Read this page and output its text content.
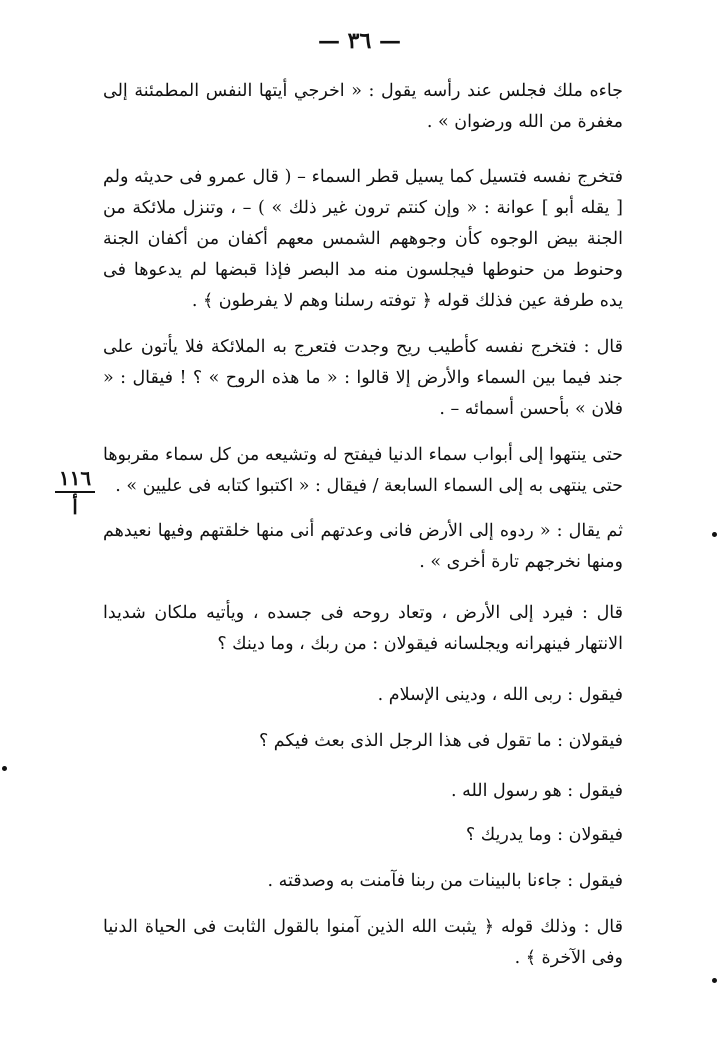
— ٣٦ —
جاءه ملك فجلس عند رأسه يقول : « اخرجي أيتها النفس المطمئنة إلى مغفرة من الله ورضوان » .
فتخرج نفسه فتسيل كما يسيل قطر السماء – ( قال عمرو فى حديثه ولم [ يقله أبو ] عوانة : « وإن كنتم ترون غير ذلك » ) – ، وتنزل ملائكة من الجنة بيض الوجوه كأن وجوههم الشمس معهم أكفان من أكفان الجنة وحنوط من حنوطها فيجلسون منه مد البصر فإذا قبضها لم يدعوها فى يده طرفة عين فذلك قوله ﴿ توفته رسلنا وهم لا يفرطون ﴾ .
قال : فتخرج نفسه كأطيب ريح وجدت فتعرج به الملائكة فلا يأتون على جند فيما بين السماء والأرض إلا قالوا : « ما هذه الروح » ؟ ! فيقال : « فلان » بأحسن أسمائه – .
حتى ينتهوا إلى أبواب سماء الدنيا فيفتح له وتشيعه من كل سماء مقربوها حتى ينتهى به إلى السماء السابعة / فيقال : « اكتبوا كتابه فى عليين » .
١١٦
أ
ثم يقال : « ردوه إلى الأرض فانى وعدتهم أنى منها خلقتهم وفيها نعيدهم ومنها نخرجهم تارة أخرى » .
قال : فيرد إلى الأرض ، وتعاد روحه فى جسده ، ويأتيه ملكان شديدا الانتهار فينهرانه ويجلسانه فيقولان : من ربك ، وما دينك ؟
فيقول : ربى الله ، ودينى الإسلام .
فيقولان : ما تقول فى هذا الرجل الذى بعث فيكم ؟
فيقول : هو رسول الله .
فيقولان : وما يدريك ؟
فيقول : جاءنا بالبينات من ربنا فآمنت به وصدقته .
قال : وذلك قوله ﴿ يثبت الله الذين آمنوا بالقول الثابت فى الحياة الدنيا وفى الآخرة ﴾ .
